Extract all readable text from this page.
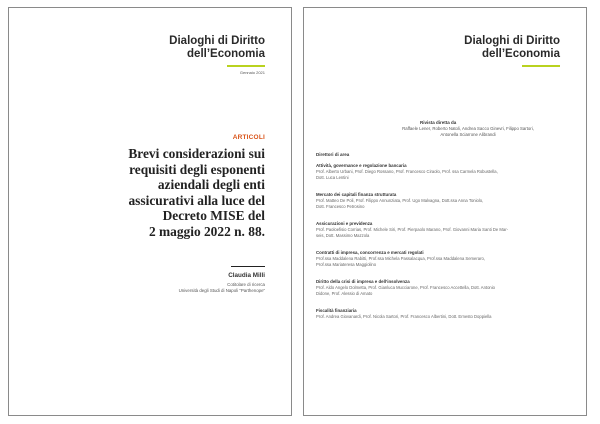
Dialoghi di Diritto
dell’Economia
Gennaio 2021
ARTICOLI
Brevi considerazioni sui
requisiti degli esponenti
aziendali degli enti
assicurativi alla luce del
Decreto MISE del
2 maggio 2022 n. 88.
Claudia Milli
Cotitolare di ricerca
Università degli Studi di Napoli “Parthenope”
Dialoghi di Diritto
dell’Economia
Rivista diretta da
Raffaele Lener, Roberto Natoli, Andrea Sacco Ginevri, Filippo Sartori,
Antonella Sciarrone Alibrandi
Direttori di area
Attività, governance e regolazione bancaria
Prof. Alberto Urbani, Prof. Diego Rossano, Prof. Francesco Ciraolo, Prof. ssa Carmela Robustella,
Dott. Luca Lentini
Mercato dei capitali finanza strutturata
Prof. Matteo De Poli, Prof. Filippo Annunziata, Prof. Ugo Malvagna, Dott.ssa Anna Toniolo,
Dott. Francesco Petrosino
Assicurazioni e previdenza
Prof. Paoloefisio Corrias, Prof. Michele Siri, Prof. Pierpaolo Marano, Prof. Giovanni Maria Santi De Mar-
seis, Dott. Massimo Mazzola
Contratti di impresa, concorrenza e mercati regolati
Prof.ssa Maddalena Rabitti, Prof.ssa Michela Passalacqua, Prof.ssa Maddalena Semeraro,
Prof.ssa Mariateresa Maggiolino
Diritto della crisi di impresa e dell’insolvenza
Prof. Aldo Angelo Dolmetta, Prof. Gianluca Mucciarone, Prof. Francesco Accettella, Dott. Antonio
Didone, Prof. Alessio di Amato
Fiscalità finanziaria
Prof. Andrea Giovanardi, Prof. Nicola Sartori, Prof. Francesco Albertini, Dott. Ernesto Doppiella
